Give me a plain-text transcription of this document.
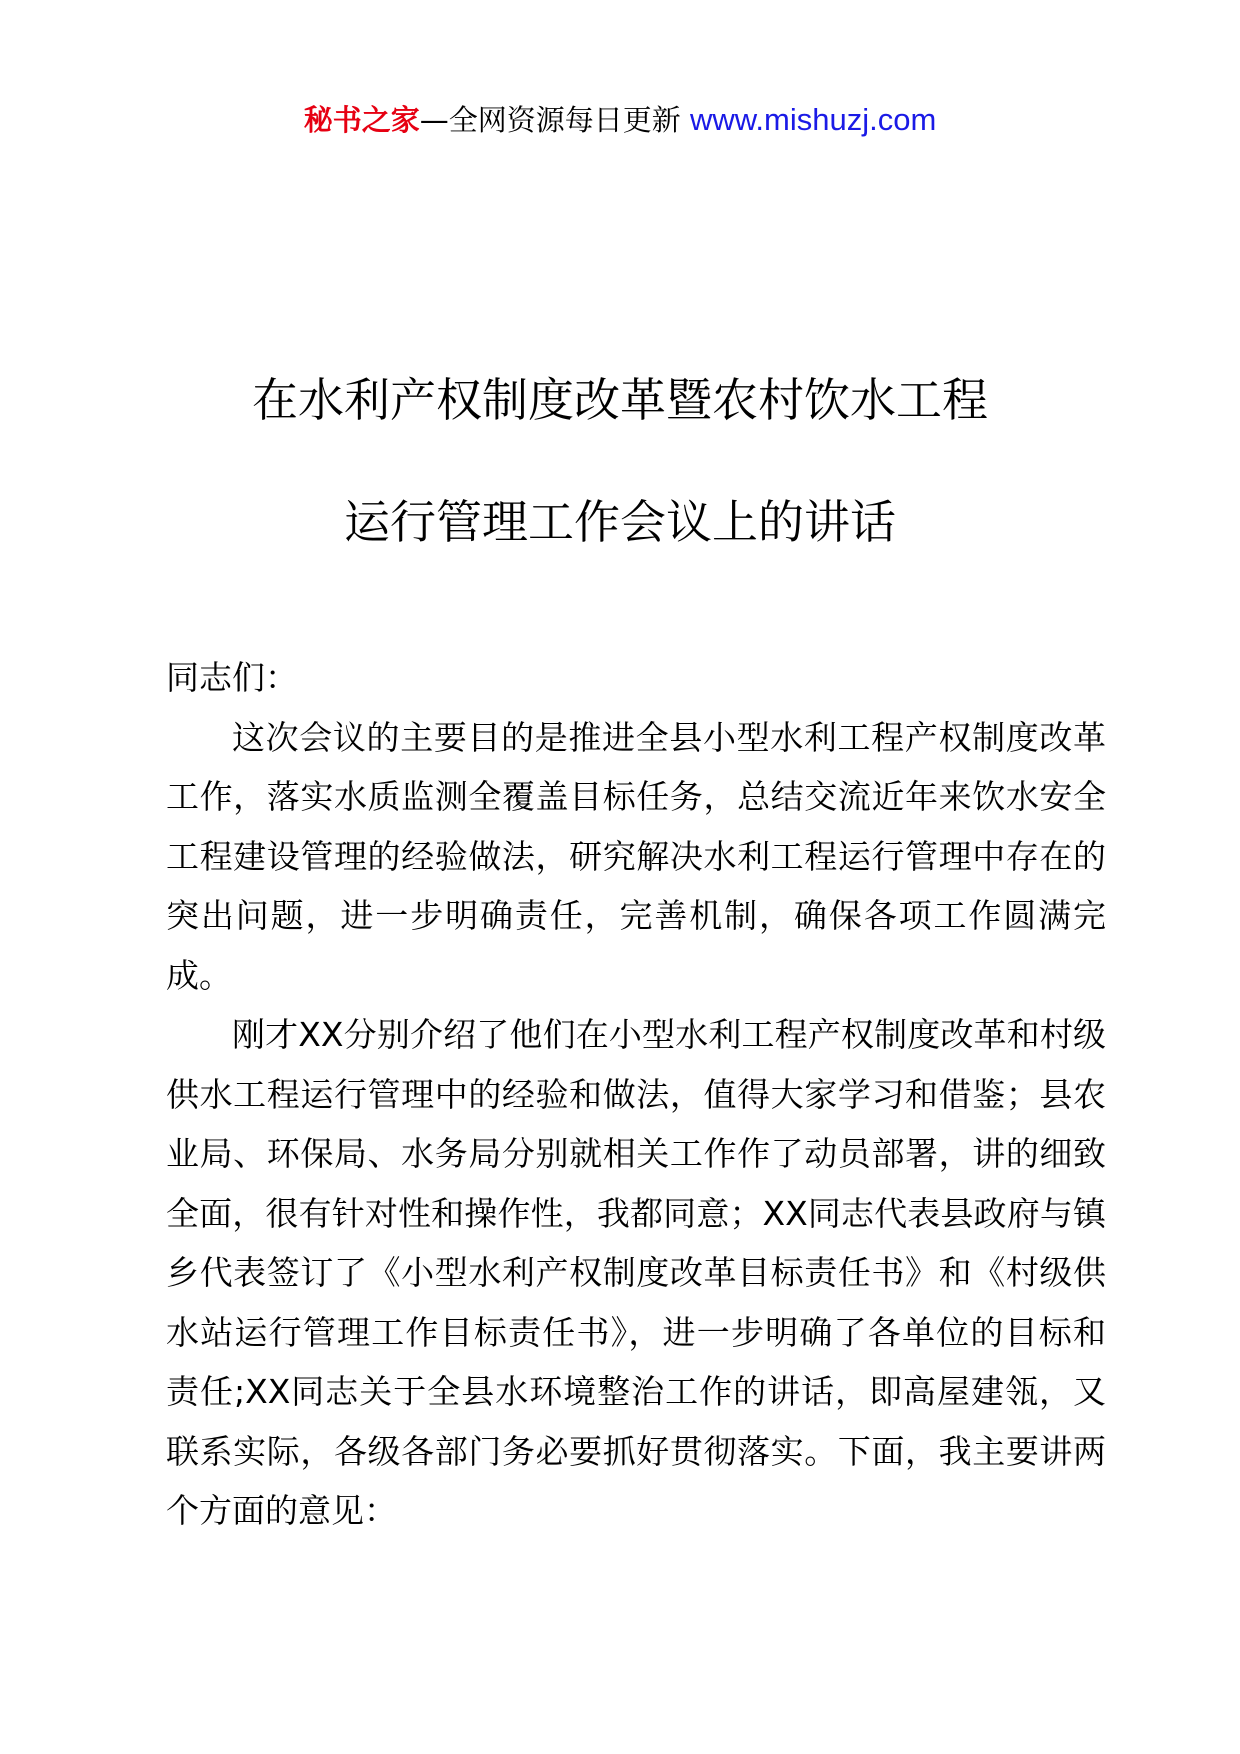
秘书之家—全网资源每日更新 www.mishuzj.com
在水利产权制度改革暨农村饮水工程
运行管理工作会议上的讲话

同志们：

这次会议的主要目的是推进全县小型水利工程产权制度改革工作，落实水质监测全覆盖目标任务，总结交流近年来饮水安全工程建设管理的经验做法，研究解决水利工程运行管理中存在的突出问题，进一步明确责任，完善机制，确保各项工作圆满完成。

刚才XX分别介绍了他们在小型水利工程产权制度改革和村级供水工程运行管理中的经验和做法，值得大家学习和借鉴；县农业局、环保局、水务局分别就相关工作作了动员部署，讲的细致全面，很有针对性和操作性，我都同意；XX同志代表县政府与镇乡代表签订了《小型水利产权制度改革目标责任书》和《村级供水站运行管理工作目标责任书》，进一步明确了各单位的目标和责任;XX同志关于全县水环境整治工作的讲话，即高屋建瓴，又联系实际，各级各部门务必要抓好贯彻落实。下面，我主要讲两个方面的意见：
